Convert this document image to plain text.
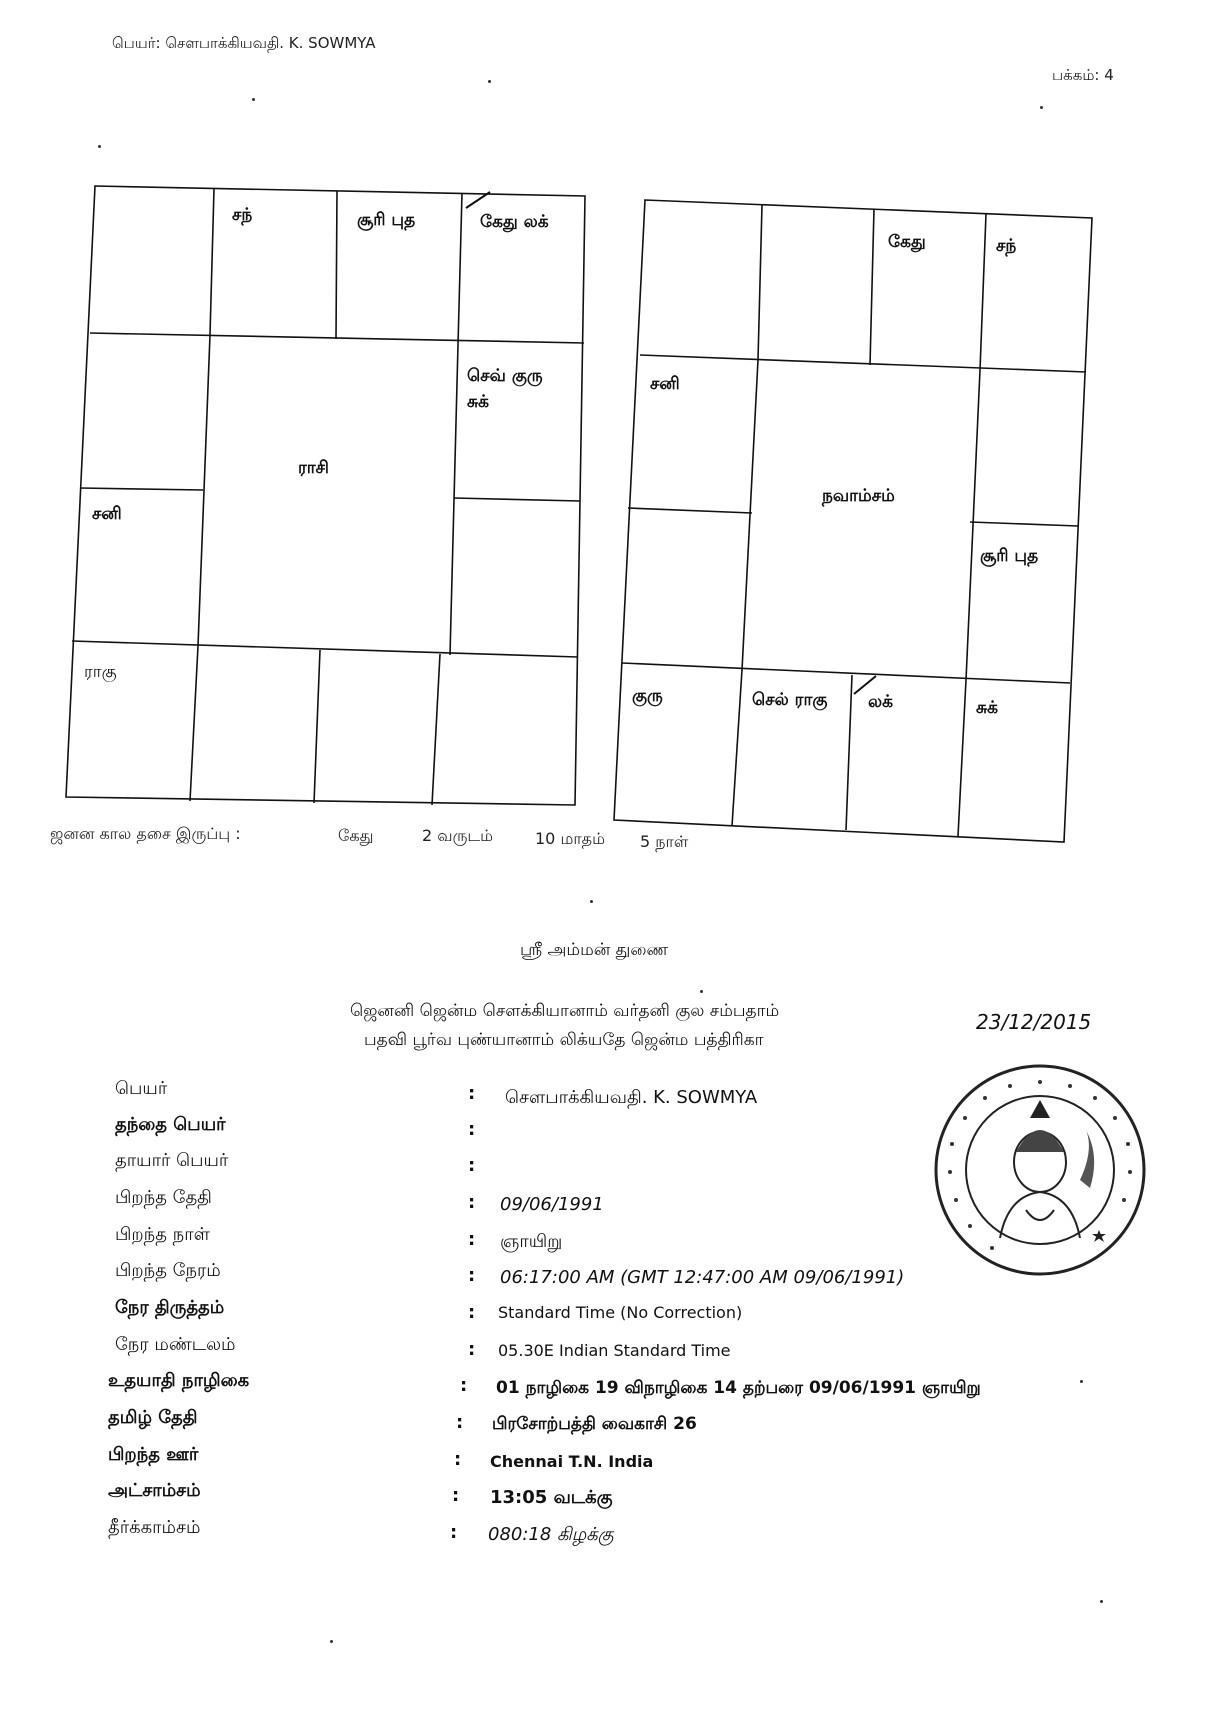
பெயர்: சௌபாக்கியவதி. K. SOWMYA
பக்கம்: 4
சந்	சூரி புத	கேது லக்
செவ் குரு
சுக்
சனி
ராகு
ராசி
கேது	சந்
சனி
சூரி புத
குரு	செல் ராகு லக்	சுக்
நவாம்சம்
ஜனன கால தசை இருப்பு :	கேது	2 வருடம்	10 மாதம் 5 நாள்
ஸ்ரீ அம்மன் துணை
ஜெனனி ஜென்ம சௌக்கியானாம் வர்தனி குல சம்பதாம்
பதவி பூர்வ புண்யானாம் லிக்யதே ஜென்ம பத்திரிகா
23/12/2015
பெயர்	: சௌபாக்கியவதி. K. SOWMYA
தந்தை பெயர்	:
தாயார் பெயர்	:
பிறந்த தேதி	: 09/06/1991
பிறந்த நாள்	: ஞாயிறு
பிறந்த நேரம்	: 06:17:00 AM (GMT 12:47:00 AM 09/06/1991)
நேர திருத்தம்	: Standard Time (No Correction)
நேர மண்டலம்	: 05.30E Indian Standard Time
உதயாதி நாழிகை	: 01 நாழிகை 19 விநாழிகை 14 தற்பரை 09/06/1991 ஞாயிறு
தமிழ் தேதி	: பிரசோற்பத்தி வைகாசி 26
பிறந்த ஊர்	: Chennai T.N. India
அட்சாம்சம்	: 13:05 வடக்கு
தீர்க்காம்சம்	: 080:18 கிழக்கு
